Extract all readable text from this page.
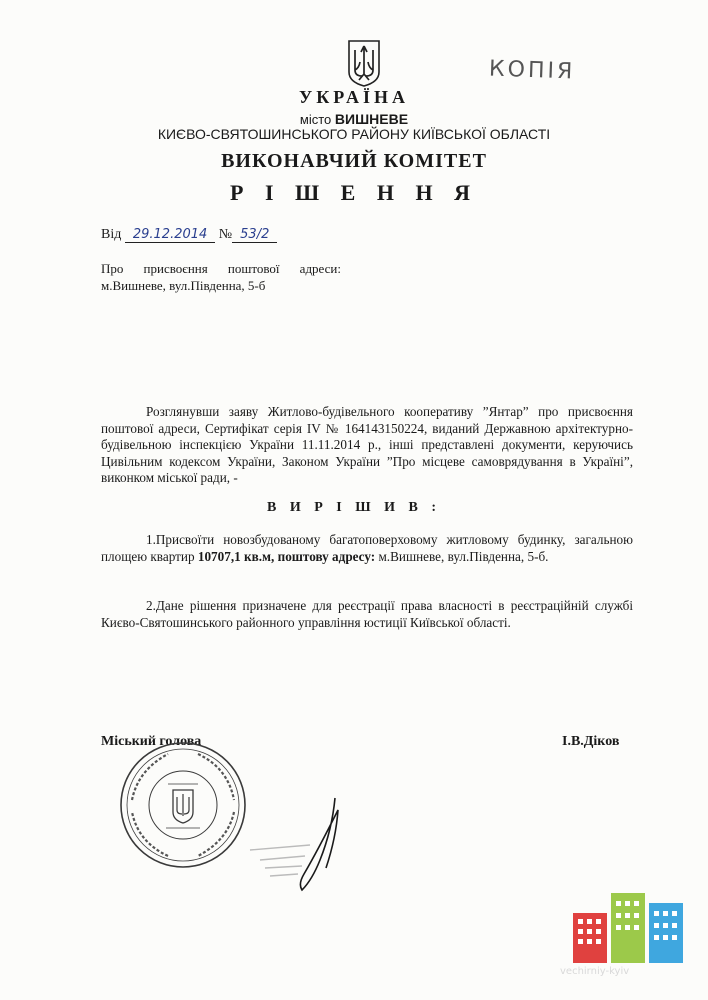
КОПІЯ
УКРАЇНА
місто ВИШНЕВЕ
КИЄВО-СВЯТОШИНСЬКОГО РАЙОНУ КИЇВСЬКОЇ ОБЛАСТІ
ВИКОНАВЧИЙ КОМІТЕТ
Р І Ш Е Н Н Я
Від 29.12.2014 № 53/2
Про присвоєння поштової адреси:
м.Вишневе, вул.Південна, 5-б
Розглянувши заяву Житлово-будівельного кооперативу ”Янтар” про присвоєння поштової адреси, Сертифікат серія IV № 164143150224, виданий Державною архітектурно-будівельною інспекцією України 11.11.2014 р., інші представлені документи, керуючись Цивільним кодексом України, Законом України ”Про місцеве самоврядування в Україні”, виконком міської ради, -
В И Р І Ш И В :
1.Присвоїти новозбудованому багатоповерховому житловому будинку, загальною площею квартир 10707,1 кв.м, поштову адресу: м.Вишневе, вул.Південна, 5-б.
2.Дане рішення призначене для реєстрації права власності в реєстраційній службі Києво-Святошинського районного управління юстиції Київської області.
Міський голова	І.В.Діков
vechirniy-kyiv
